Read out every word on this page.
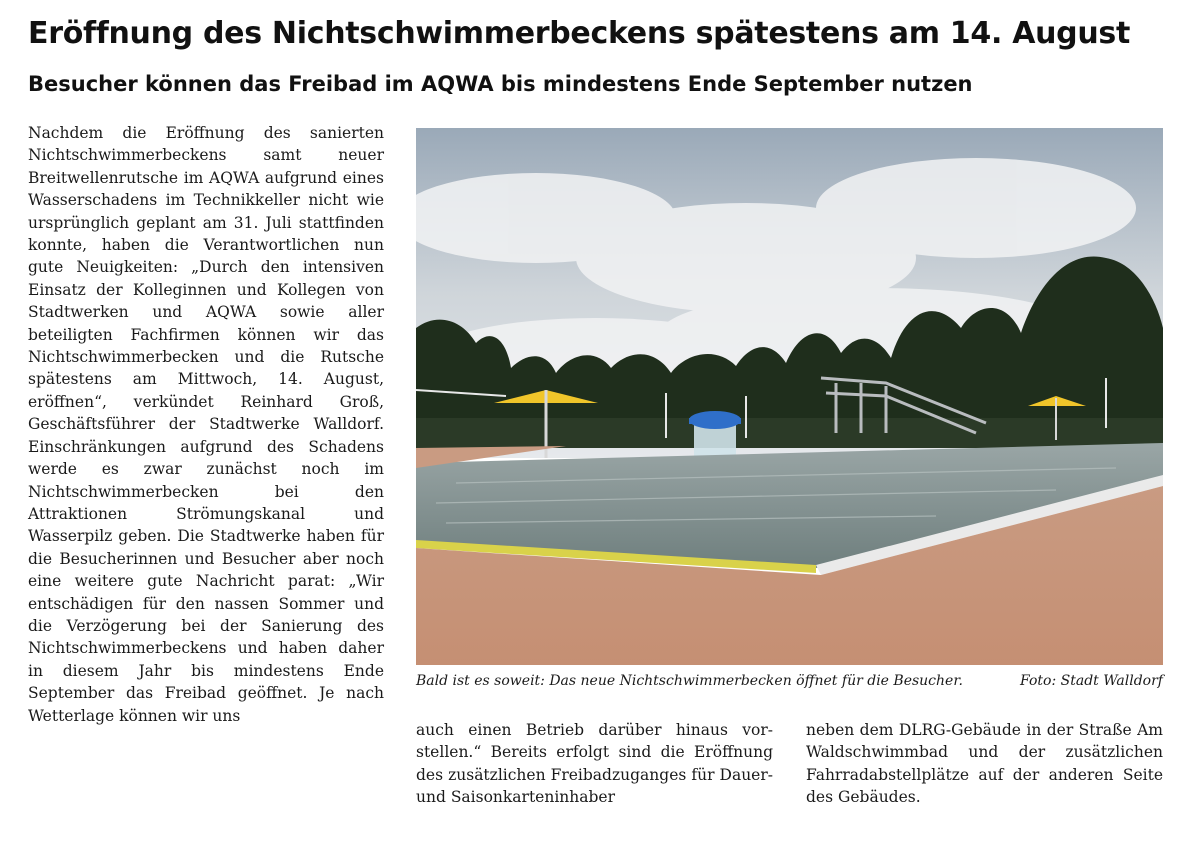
Eröffnung des Nichtschwimmerbeckens spätestens am 14. August
Besucher können das Freibad im AQWA bis mindestens Ende September nutzen
Nachdem die Eröffnung des sanierten Nichtschwimmerbeckens samt neuer Breitwellenrutsche im AQWA aufgrund eines Wasserschadens im Technikkeller nicht wie ursprünglich geplant am 31. Juli stattfinden konnte, haben die Verantwortlichen nun gute Neuigkeiten: „Durch den intensiven Einsatz der Kolleginnen und Kollegen von Stadtwerken und AQWA sowie aller beteiligten Fachfirmen können wir das Nichtschwimmerbecken und die Rutsche spätestens am Mittwoch, 14. August, eröffnen“, verkündet Reinhard Groß, Geschäftsführer der Stadtwerke Walldorf. Einschränkungen aufgrund des Schadens werde es zwar zunächst noch im Nichtschwimmerbecken bei den Attraktionen Strömungskanal und Wasserpilz geben. Die Stadtwerke haben für die Besucherinnen und Besucher aber noch eine weitere gute Nachricht parat: „Wir entschädigen für den nassen Sommer und die Verzögerung bei der Sanierung des Nichtschwimmerbeckens und haben daher in diesem Jahr bis mindestens Ende September das Freibad geöffnet. Je nach Wetterlage können wir uns
Bald ist es soweit: Das neue Nichtschwimmerbecken öffnet für die Besucher.	Foto: Stadt Walldorf
auch einen Betrieb darüber hinaus vorstellen.“ Bereits erfolgt sind die Eröffnung des zusätzlichen Freibadzuganges für Dauer- und Saisonkarteninhaber
neben dem DLRG-Gebäude in der Straße Am Waldschwimmbad und der zusätzlichen Fahrradabstellplätze auf der anderen Seite des Gebäudes.
